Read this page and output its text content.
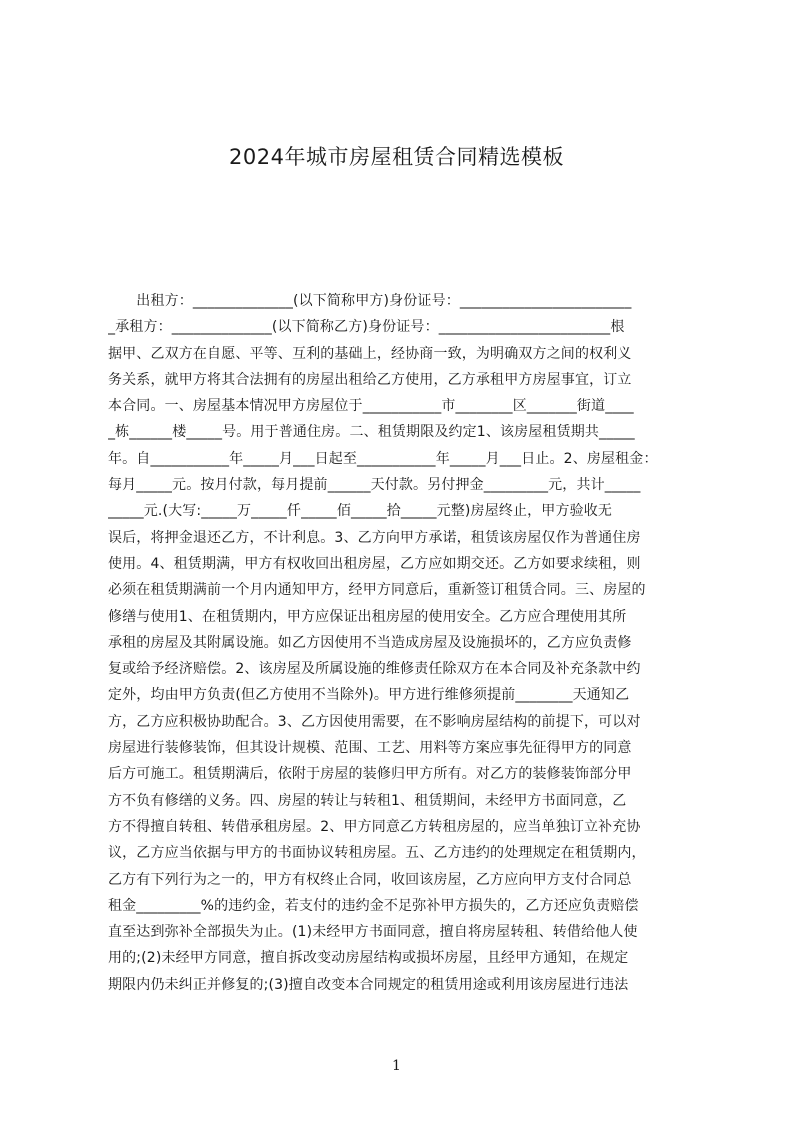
2024年城市房屋租赁合同精选模板
　　出租方：______________(以下简称甲方)身份证号：________________________
_承租方：______________(以下简称乙方)身份证号：________________________根
据甲、乙双方在自愿、平等、互利的基础上，经协商一致，为明确双方之间的权利义
务关系，就甲方将其合法拥有的房屋出租给乙方使用，乙方承租甲方房屋事宜，订立
本合同。一、房屋基本情况甲方房屋位于___________市________区_______街道____
_栋______楼_____号。用于普通住房。二、租赁期限及约定1、该房屋租赁期共_____
年。自___________年_____月___日起至___________年_____月___日止。2、房屋租金：
每月_____元。按月付款，每月提前______天付款。另付押金_________元，共计_____
_____元.(大写:_____万_____仟_____佰_____拾_____元整)房屋终止，甲方验收无
误后，将押金退还乙方，不计利息。3、乙方向甲方承诺，租赁该房屋仅作为普通住房
使用。4、租赁期满，甲方有权收回出租房屋，乙方应如期交还。乙方如要求续租，则
必须在租赁期满前一个月内通知甲方，经甲方同意后，重新签订租赁合同。三、房屋的
修缮与使用1、在租赁期内，甲方应保证出租房屋的使用安全。乙方应合理使用其所
承租的房屋及其附属设施。如乙方因使用不当造成房屋及设施损坏的，乙方应负责修
复或给予经济赔偿。2、该房屋及所属设施的维修责任除双方在本合同及补充条款中约
定外，均由甲方负责(但乙方使用不当除外)。甲方进行维修须提前________天通知乙
方，乙方应积极协助配合。3、乙方因使用需要，在不影响房屋结构的前提下，可以对
房屋进行装修装饰，但其设计规模、范围、工艺、用料等方案应事先征得甲方的同意
后方可施工。租赁期满后，依附于房屋的装修归甲方所有。对乙方的装修装饰部分甲
方不负有修缮的义务。四、房屋的转让与转租1、租赁期间，未经甲方书面同意，乙
方不得擅自转租、转借承租房屋。2、甲方同意乙方转租房屋的，应当单独订立补充协
议，乙方应当依据与甲方的书面协议转租房屋。五、乙方违约的处理规定在租赁期内，
乙方有下列行为之一的，甲方有权终止合同，收回该房屋，乙方应向甲方支付合同总
租金_________%的违约金，若支付的违约金不足弥补甲方损失的，乙方还应负责赔偿
直至达到弥补全部损失为止。(1)未经甲方书面同意，擅自将房屋转租、转借给他人使
用的;(2)未经甲方同意，擅自拆改变动房屋结构或损坏房屋，且经甲方通知，在规定
期限内仍未纠正并修复的;(3)擅自改变本合同规定的租赁用途或利用该房屋进行违法
1
